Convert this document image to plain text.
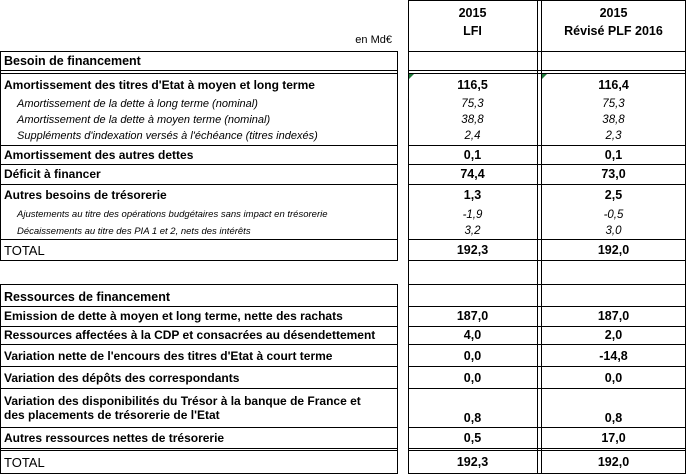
2015
LFI
2015
Révisé PLF 2016
en Md€
Besoin de financement
Amortissement des titres d'Etat à moyen et long terme	116,5	116,4
Amortissement de la dette à long terme (nominal)	75,3	75,3
Amortissement de la dette à moyen terme (nominal)	38,8	38,8
Suppléments d'indexation versés à l'échéance (titres indexés)	2,4	2,3
Amortissement des autres dettes	0,1	0,1
Déficit à financer	74,4	73,0
Autres besoins de trésorerie	1,3	2,5
Ajustements au titre des opérations budgétaires sans impact en trésorerie	-1,9	-0,5
Décaissements au titre des PIA 1 et 2, nets des intérêts	3,2	3,0
TOTAL	192,3	192,0
Ressources de financement
Emission de dette à moyen et long terme, nette des rachats	187,0	187,0
Ressources affectées à la CDP et consacrées au désendettement	4,0	2,0
Variation nette de l'encours des titres d'Etat à court terme	0,0	-14,8
Variation des dépôts des correspondants	0,0	0,0
Variation des disponibilités du Trésor à la banque de France et
des placements de trésorerie de l'Etat	0,8	0,8
Autres ressources nettes de trésorerie	0,5	17,0
TOTAL	192,3	192,0
